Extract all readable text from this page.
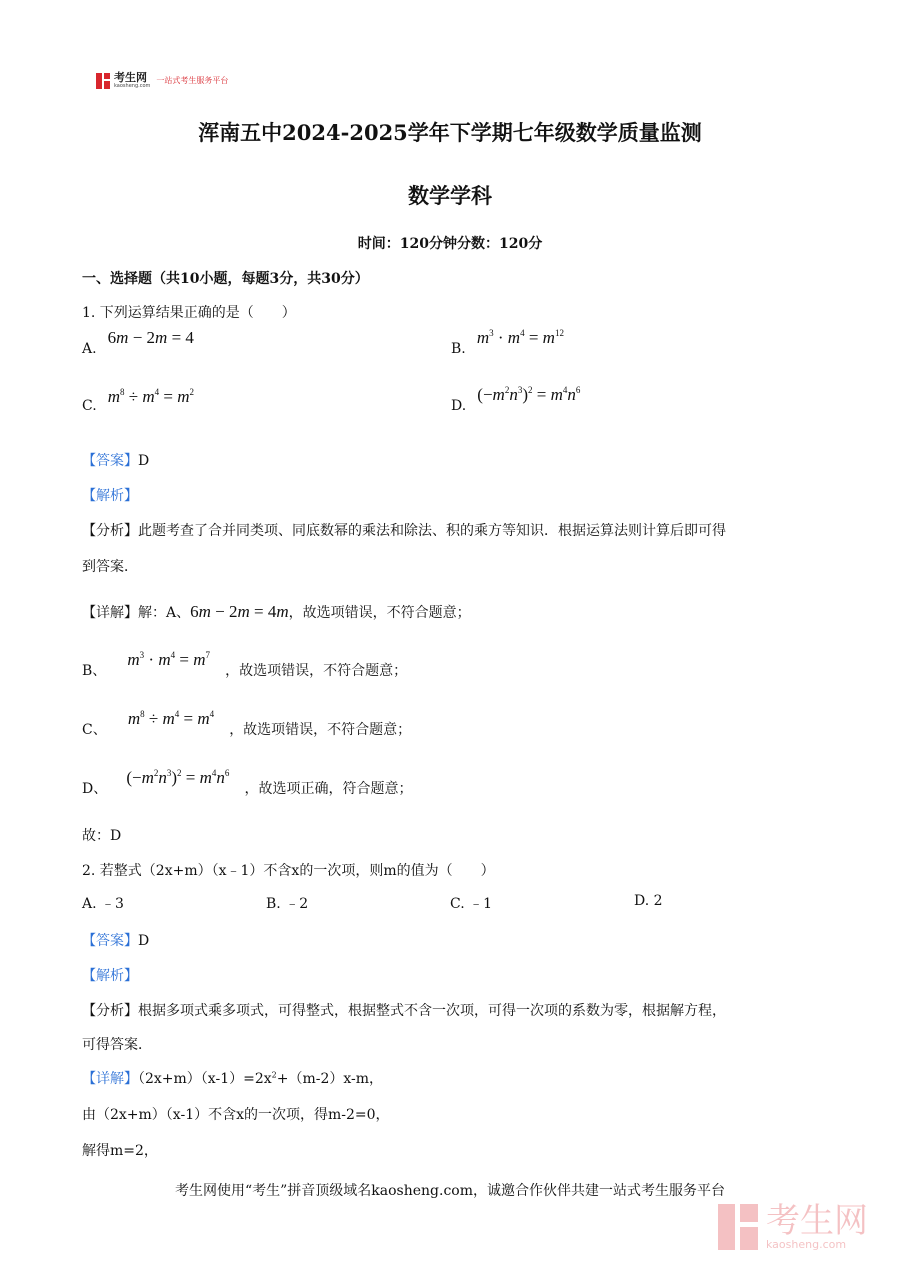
考生网
kaosheng.com
一站式考生服务平台
浑南五中2024-2025学年下学期七年级数学质量监测
数学学科
时间：120分钟分数：120分
一、选择题（共10小题，每题3分，共30分）
1. 下列运算结果正确的是（　　）
A. 6m − 2m = 4
B. $m^3 \cdot m^4 = m^{12}$
C. $m^8 \div m^4 = m^2$
D. $(-m^2n^3)^2 = m^4n^6$
【答案】D
【解析】
【分析】此题考查了合并同类项、同底数幂的乘法和除法、积的乘方等知识．根据运算法则计算后即可得
到答案．
【详解】解：A、6m − 2m = 4m，故选项错误，不符合题意；
B、 $m^3 \cdot m^4 = m^7$ ，故选项错误，不符合题意；
C、 $m^8 \div m^4 = m^4$ ，故选项错误，不符合题意；
D、 $(-m^2n^3)^2 = m^4n^6$ ，故选项正确，符合题意；
故：D
2. 若整式（2x+m）（x﹣1）不含x的一次项，则m的值为（　　）
A. ﹣3	B. ﹣2	C. ﹣1	D. 2
【答案】D
【解析】
【分析】根据多项式乘多项式，可得整式，根据整式不含一次项，可得一次项的系数为零，根据解方程，
可得答案．
【详解】$(2x+m)(x-1)=2x^2+(m-2)x-m$，
由（2x+m）（x-1）不含x的一次项，得m-2=0，
解得m=2，
考生网使用“考生”拼音顶级域名kaosheng.com，诚邀合作伙伴共建一站式考生服务平台
考生网
kaosheng.com
